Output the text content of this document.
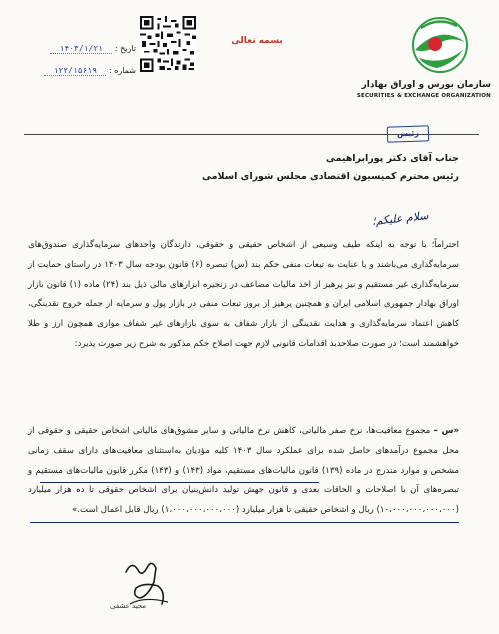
سازمان بورس و اوراق بهادار
SECURITIES & EXCHANGE ORGANIZATION
بسمه تعالی
تاریخ : ۱۴۰۳/۱/۲۱
شماره : ۱۲۲/۱۵۶۱۹
رئیس
جناب آقای دکتر پورابراهیمی
رئیس محترم کمیسیون اقتصادی مجلس شورای اسلامی
سلام علیکم؛
احتراماً؛ با توجه به اینکه طیف وسیعی از اشخاص حقیقی و حقوقی، دارندگان واحدهای سرمایه‌گذاری صندوق‌های سرمایه‌گذاری می‌باشند و با عنایت به تبعات منفی حکم بند (س) تبصره (۶) قانون بودجه سال ۱۴۰۳ در راستای حمایت از سرمایه‌گذاری غیر مستقیم و نیز پرهیز از اخذ مالیات مضاعف در زنجیره ابزارهای مالی ذیل بند (۲۴) ماده (۱) قانون بازار اوراق بهادار جمهوری اسلامی ایران و همچنین پرهیز از بروز تبعات منفی در بازار پول و سرمایه از جمله خروج نقدینگی، کاهش اعتماد سرمایه‌گذاری و هدایت نقدینگی از بازار شفاف به سوی بازارهای غیر شفاف موازی همچون ارز و طلا خواهشمند است؛ در صورت صلاحدید اقدامات قانونی لازم جهت اصلاح حکم مذکور به شرح زیر صورت پذیرد:
«س – مجموع معافیت‌ها، نرخ صفر مالیاتی، کاهش نرخ مالیاتی و سایر مشوق‌های مالیاتی اشخاص حقیقی و حقوقی از محل مجموع درآمدهای حاصل شده برای عملکرد سال ۱۴۰۳ کلیه مؤدیان به‌استثنای معافیت‌های دارای سقف زمانی مشخص و موارد مندرج در ماده (۱۳۹) قانون مالیات‌های مستقیم، مواد (۱۴۳) و (۱۴۳) مکرر قانون مالیات‌های مستقیم و تبصره‌های آن با اصلاحات و الحاقات بعدی و قانون جهش تولید دانش‌بنیان برای اشخاص حقوقی تا ده هزار میلیارد (۱۰،۰۰۰،۰۰۰،۰۰۰،۰۰۰) ریال و اشخاص حقیقی تا هزار میلیارد (۱،۰۰۰،۰۰۰،۰۰۰،۰۰۰) ریال قابل اعمال است.»
مجید عشقی
